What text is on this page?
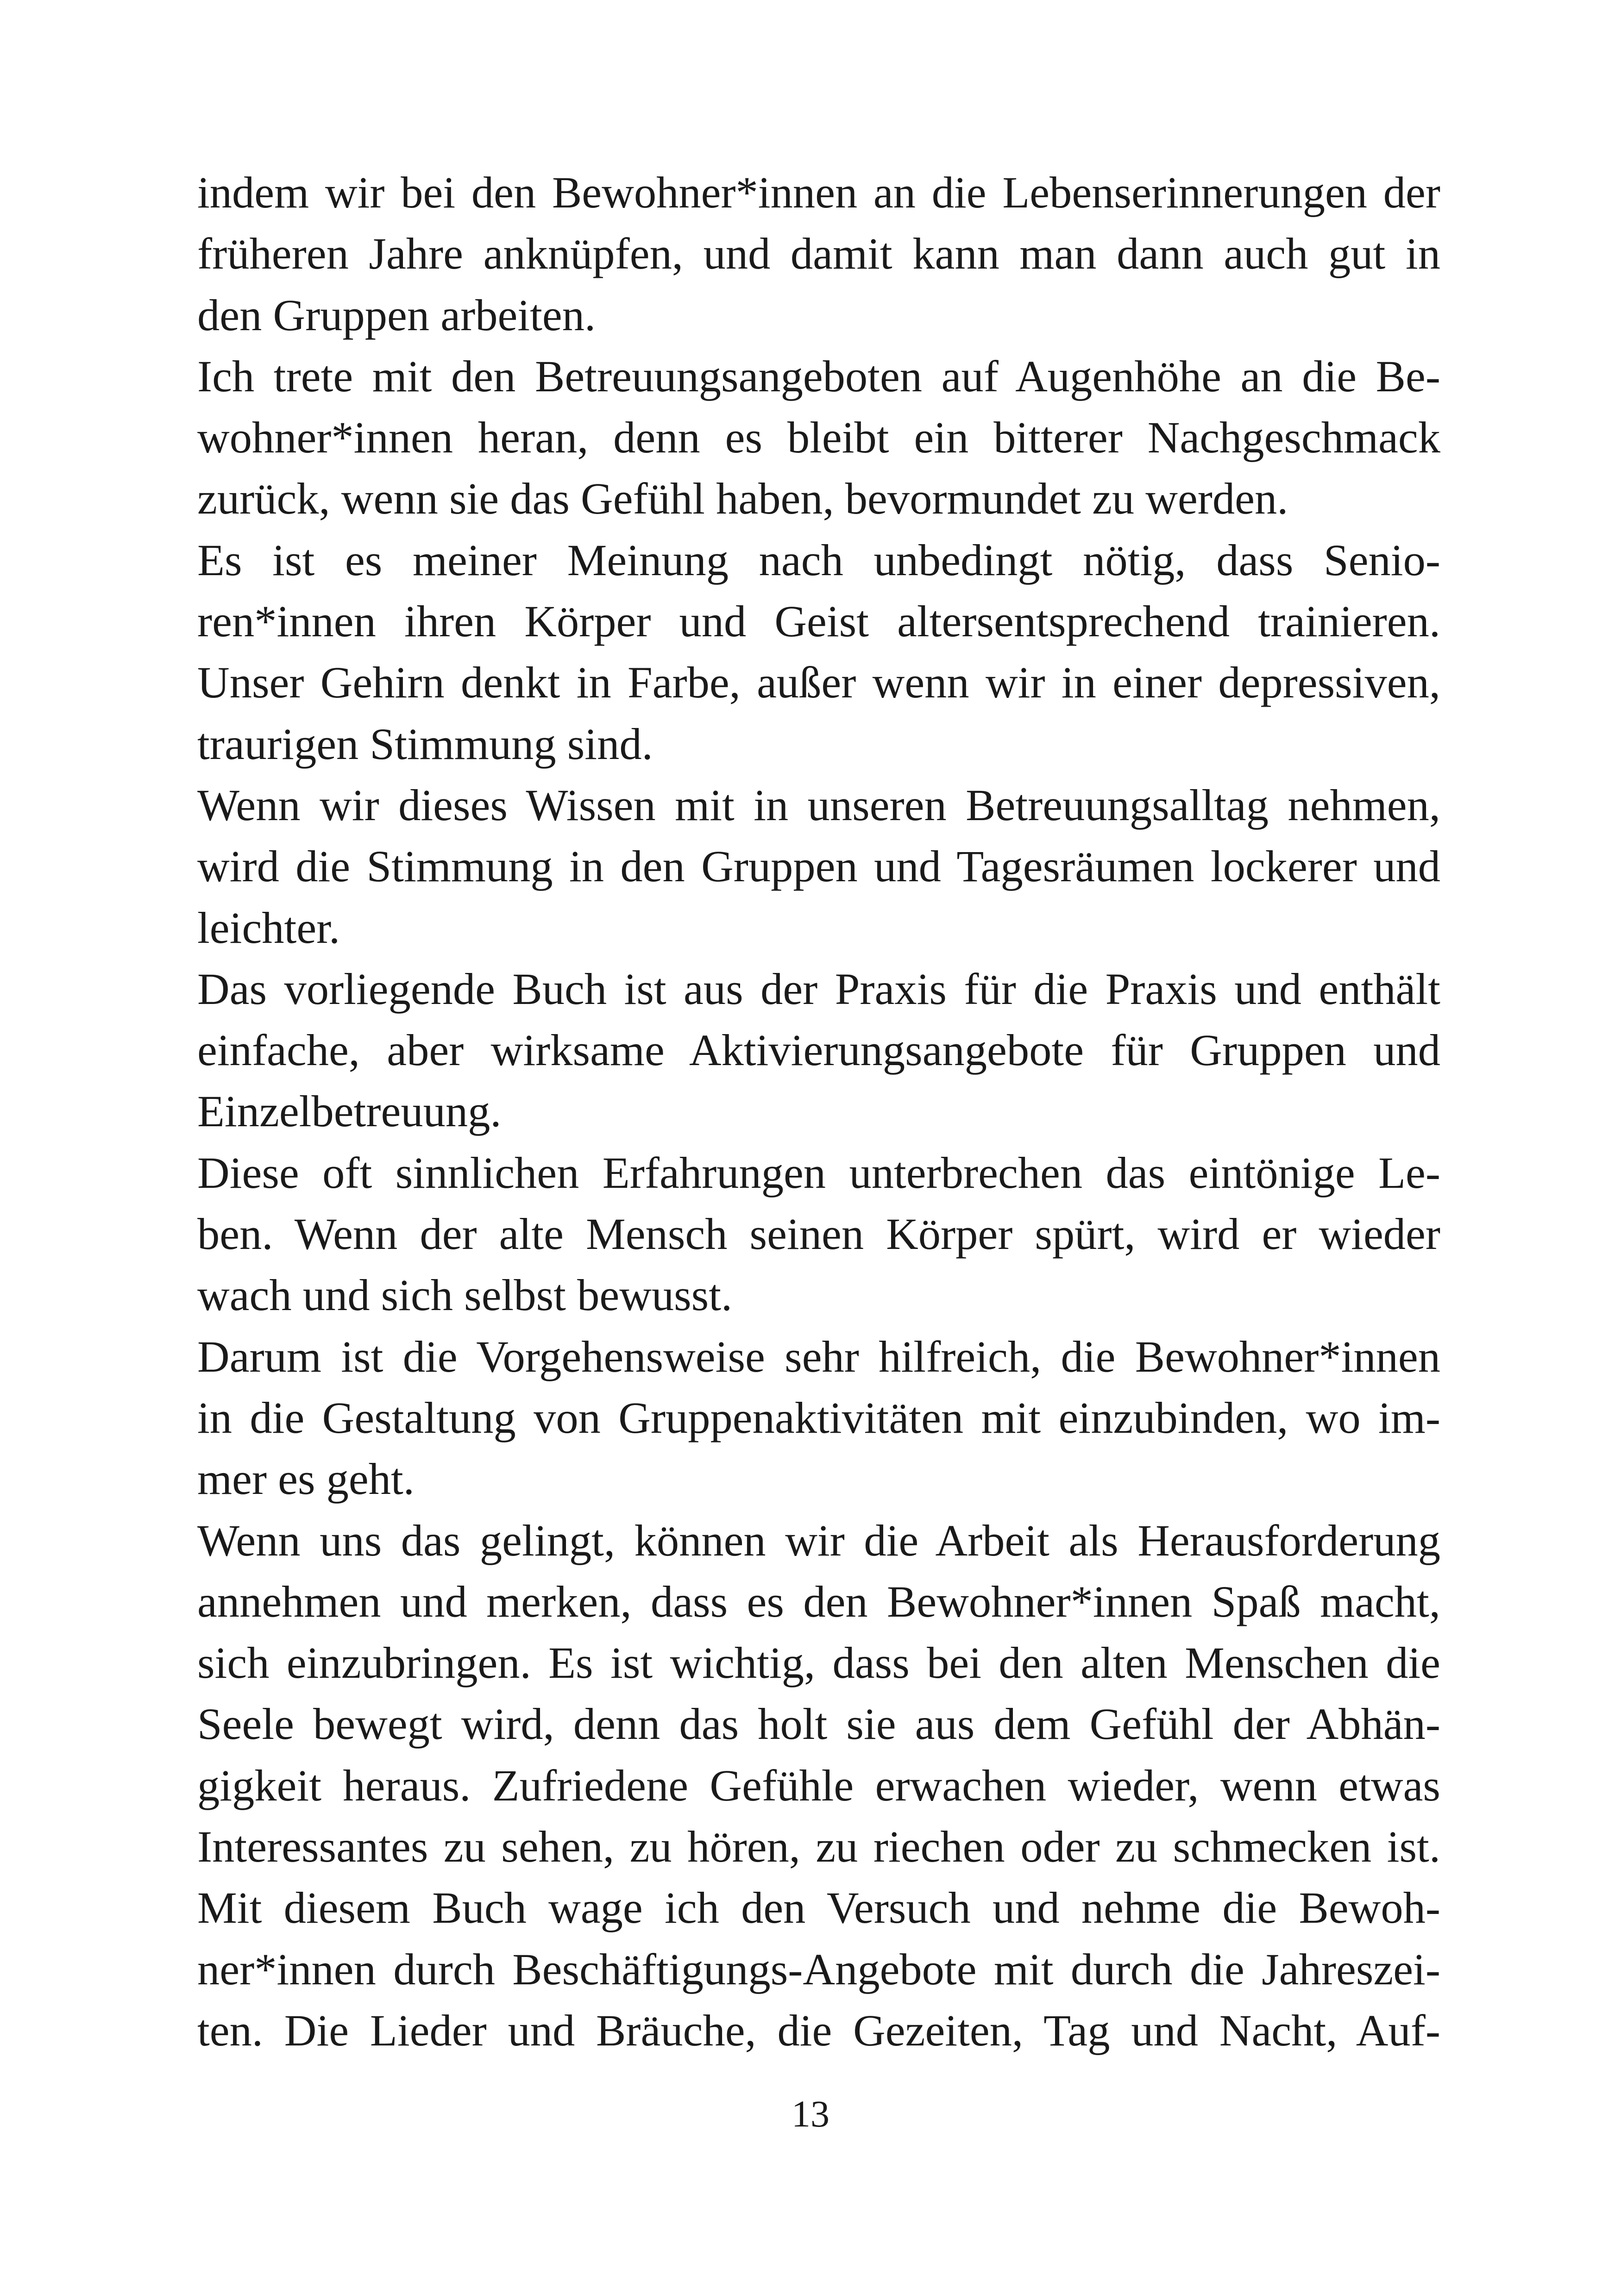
indem wir bei den Bewohner*innen an die Lebenserinnerungen der
früheren Jahre anknüpfen, und damit kann man dann auch gut in
den Gruppen arbeiten.
Ich trete mit den Betreuungsangeboten auf Augenhöhe an die Be-
wohner*innen heran, denn es bleibt ein bitterer Nachgeschmack
zurück, wenn sie das Gefühl haben, bevormundet zu werden.
Es ist es meiner Meinung nach unbedingt nötig, dass Senio-
ren*innen ihren Körper und Geist altersentsprechend trainieren.
Unser Gehirn denkt in Farbe, außer wenn wir in einer depressiven,
traurigen Stimmung sind.
Wenn wir dieses Wissen mit in unseren Betreuungsalltag nehmen,
wird die Stimmung in den Gruppen und Tagesräumen lockerer und
leichter.
Das vorliegende Buch ist aus der Praxis für die Praxis und enthält
einfache, aber wirksame Aktivierungsangebote für Gruppen und
Einzelbetreuung.
Diese oft sinnlichen Erfahrungen unterbrechen das eintönige Le-
ben. Wenn der alte Mensch seinen Körper spürt, wird er wieder
wach und sich selbst bewusst.
Darum ist die Vorgehensweise sehr hilfreich, die Bewohner*innen
in die Gestaltung von Gruppenaktivitäten mit einzubinden, wo im-
mer es geht.
Wenn uns das gelingt, können wir die Arbeit als Herausforderung
annehmen und merken, dass es den Bewohner*innen Spaß macht,
sich einzubringen. Es ist wichtig, dass bei den alten Menschen die
Seele bewegt wird, denn das holt sie aus dem Gefühl der Abhän-
gigkeit heraus. Zufriedene Gefühle erwachen wieder, wenn etwas
Interessantes zu sehen, zu hören, zu riechen oder zu schmecken ist.
Mit diesem Buch wage ich den Versuch und nehme die Bewoh-
ner*innen durch Beschäftigungs-Angebote mit durch die Jahreszei-
ten. Die Lieder und Bräuche, die Gezeiten, Tag und Nacht, Auf-
13
